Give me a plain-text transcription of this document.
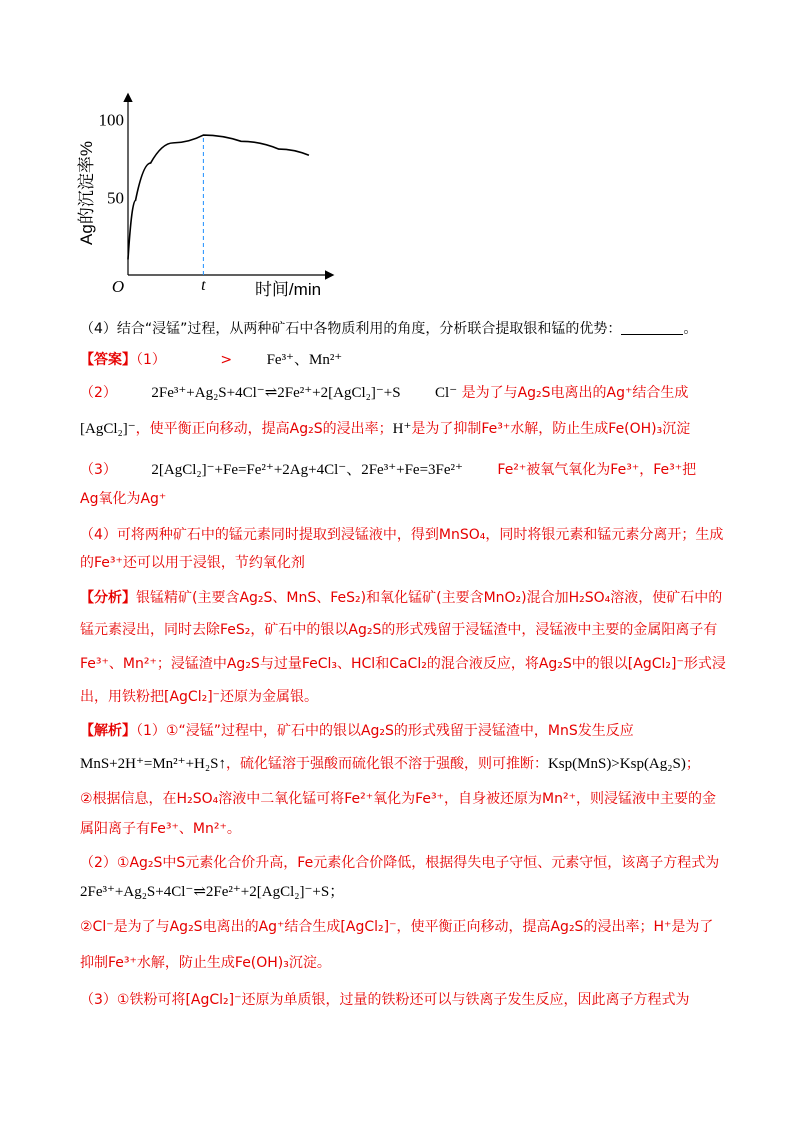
100
50
O	t	时间/min
Ag的沉淀率%
（4）结合“浸锰”过程，从两种矿石中各物质利用的角度，分析联合提取银和锰的优势：	。
【答案】（1）	> Fe³⁺、Mn²⁺
（2） 2Fe³⁺+Ag₂S+4Cl⁻⇌2Fe²⁺+2[AgCl₂]⁻+S Cl⁻ 是为了与Ag₂S电离出的Ag⁺结合生成
[AgCl₂]⁻，使平衡正向移动，提高Ag₂S的浸出率；H⁺是为了抑制Fe³⁺水解，防止生成Fe(OH)₃沉淀
（3） 2[AgCl₂]⁻+Fe=Fe²⁺+2Ag+4Cl⁻、2Fe³⁺+Fe=3Fe²⁺ Fe²⁺被氧气氧化为Fe³⁺，Fe³⁺把
Ag氧化为Ag⁺
（4）可将两种矿石中的锰元素同时提取到浸锰液中，得到MnSO₄，同时将银元素和锰元素分离开；生成
的Fe³⁺还可以用于浸银，节约氧化剂
【分析】银锰精矿(主要含Ag₂S、MnS、FeS₂)和氧化锰矿(主要含MnO₂)混合加H₂SO₄溶液，使矿石中的
锰元素浸出，同时去除FeS₂，矿石中的银以Ag₂S的形式残留于浸锰渣中，浸锰液中主要的金属阳离子有
Fe³⁺、Mn²⁺；浸锰渣中Ag₂S与过量FeCl₃、HCl和CaCl₂的混合液反应，将Ag₂S中的银以[AgCl₂]⁻形式浸
出，用铁粉把[AgCl₂]⁻还原为金属银。
【解析】（1）①“浸锰”过程中，矿石中的银以Ag₂S的形式残留于浸锰渣中，MnS发生反应
MnS+2H⁺=Mn²⁺+H₂S↑，硫化锰溶于强酸而硫化银不溶于强酸，则可推断：Ksp(MnS)>Ksp(Ag₂S)；
②根据信息，在H₂SO₄溶液中二氧化锰可将Fe²⁺氧化为Fe³⁺，自身被还原为Mn²⁺，则浸锰液中主要的金
属阳离子有Fe³⁺、Mn²⁺。
（2）①Ag₂S中S元素化合价升高，Fe元素化合价降低，根据得失电子守恒、元素守恒，该离子方程式为
2Fe³⁺+Ag₂S+4Cl⁻⇌2Fe²⁺+2[AgCl₂]⁻+S；
②Cl⁻是为了与Ag₂S电离出的Ag⁺结合生成[AgCl₂]⁻，使平衡正向移动，提高Ag₂S的浸出率；H⁺是为了
抑制Fe³⁺水解，防止生成Fe(OH)₃沉淀。
（3）①铁粉可将[AgCl₂]⁻还原为单质银，过量的铁粉还可以与铁离子发生反应，因此离子方程式为
